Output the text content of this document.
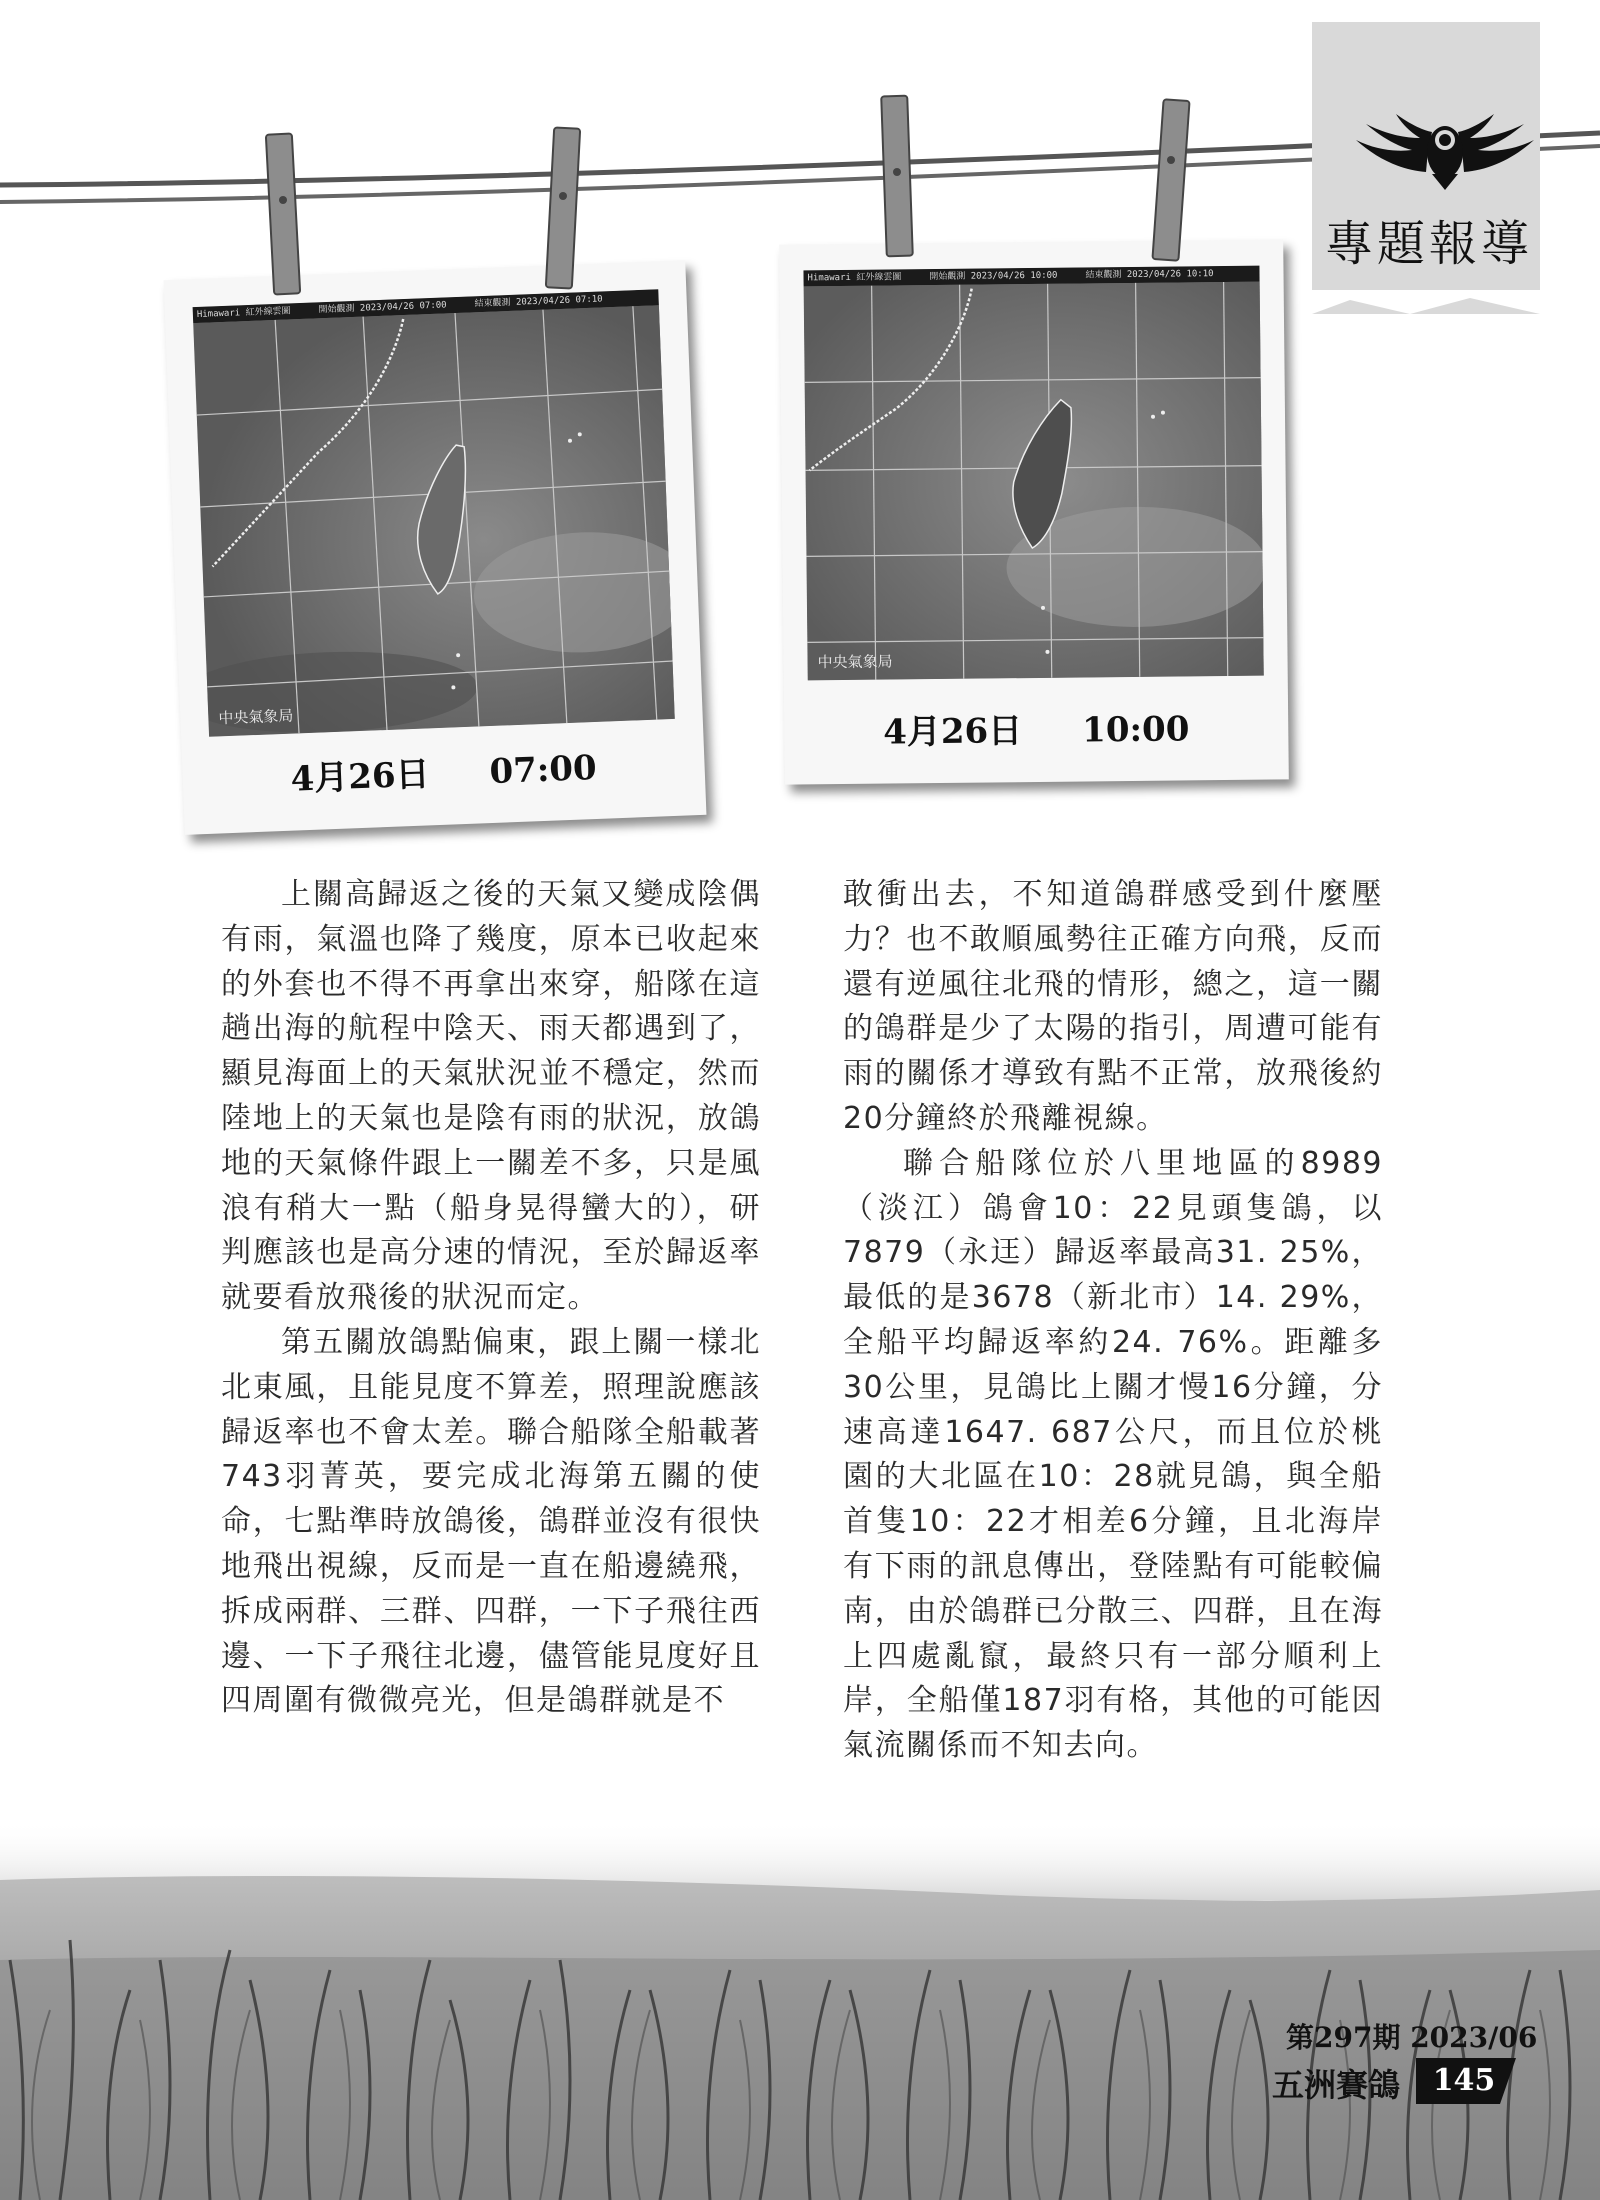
專題報導
Himawari 紅外線雲圖	開始觀測 2023/04/26 07:00	結束觀測 2023/04/26 07:10
中央氣象局
4月26日 07:00
Himawari 紅外線雲圖	開始觀測 2023/04/26 10:00	結束觀測 2023/04/26 10:10
中央氣象局
4月26日 10:00

上關高歸返之後的天氣又變成陰偶有雨，氣溫也降了幾度，原本已收起來的外套也不得不再拿出來穿，船隊在這趟出海的航程中陰天、雨天都遇到了，顯見海面上的天氣狀況並不穩定，然而陸地上的天氣也是陰有雨的狀況，放鴿地的天氣條件跟上一關差不多，只是風浪有稍大一點（船身晃得蠻大的），研判應該也是高分速的情況，至於歸返率就要看放飛後的狀況而定。

第五關放鴿點偏東，跟上關一樣北北東風，且能見度不算差，照理說應該歸返率也不會太差。聯合船隊全船載著743羽菁英，要完成北海第五關的使命，七點準時放鴿後，鴿群並沒有很快地飛出視線，反而是一直在船邊繞飛，拆成兩群、三群、四群，一下子飛往西邊、一下子飛往北邊，儘管能見度好且四周圍有微微亮光，但是鴿群就是不

敢衝出去，不知道鴿群感受到什麼壓力？也不敢順風勢往正確方向飛，反而還有逆風往北飛的情形，總之，這一關的鴿群是少了太陽的指引，周遭可能有雨的關係才導致有點不正常，放飛後約20分鐘終於飛離視線。

聯合船隊位於八里地區的8989（淡江）鴿會10：22見頭隻鴿，以7879（永迋）歸返率最高31. 25%，最低的是3678（新北市）14. 29%，全船平均歸返率約24. 76%。距離多30公里，見鴿比上關才慢16分鐘，分速高達1647. 687公尺，而且位於桃園的大北區在10：28就見鴿，與全船首隻10：22才相差6分鐘，且北海岸有下雨的訊息傳出，登陸點有可能較偏南，由於鴿群已分散三、四群，且在海上四處亂竄，最終只有一部分順利上岸，全船僅187羽有格，其他的可能因氣流關係而不知去向。

第297期 2023/06
五洲賽鴿	145
